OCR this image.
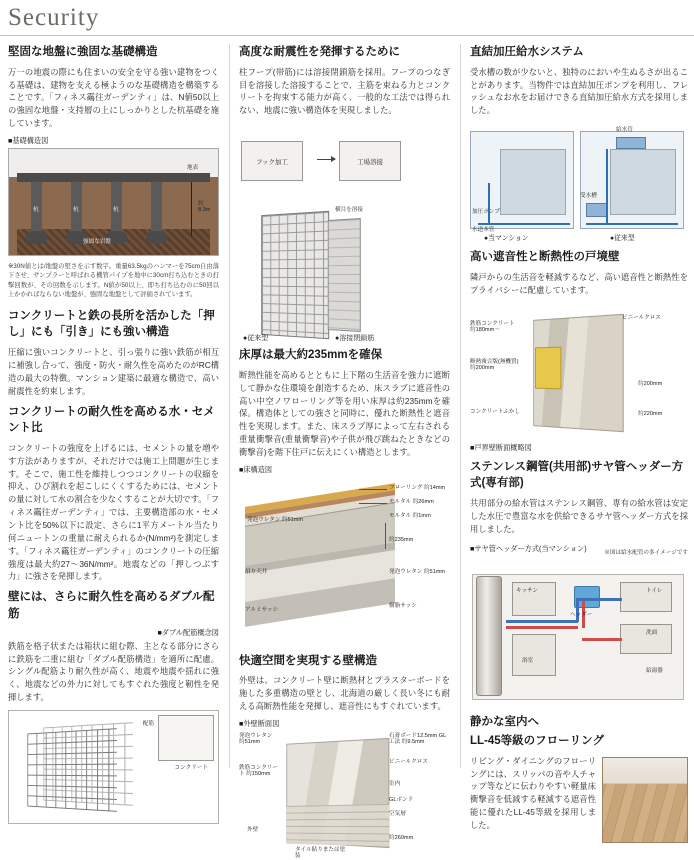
Security
堅固な地盤に強固な基礎構造

万一の地震の際にも住まいの安全を守る強い建物をつくる基礎は、建物を支える極ようのな基礎構造を構築することです。「フィネス靍往ガーデンティ」は、N値50以上の強固な地盤・支持層の上にしっかりとした杭基礎を施しています。

■基礎構造図
地表
約8.3m
杭	杭	杭
強固な岩盤

※30N値とは/地盤の堅さを示す数字。重量63.5kgのハンマーを75cm自由落下させ、サンプラーと呼ばれる機管パイプを地中に30cm打ち込むときの打撃回数が、その回数を示します。N値が50以上、即ち打ち込むのに50回以上かかればならない地盤が、強固な地盤として評価されています。

コンクリートと鉄の長所を活かした「押し」にも「引き」にも強い構造

圧縮に強いコンクリートと、引っ張りに強い鉄筋が相互に補強し合って、強度・防火・耐久性を高めたのがRC構造の最大の特徴。マンション建築に最適な構造で、高い耐震性を約束します。

コンクリートの耐久性を高める水・セメント比

コンクリートの強度を上げるには、セメントの量を増やす方法がありますが、それだけでは施工上問題が生じます。そこで、施工性を維持しつつコンクリートの収縮を抑え、ひび割れを起こしにくくするためには、セメントの量に対して水の割合を少なくすることが大切です。「フィネス靍往ガーデンティ」では、主要構造部の水・セメント比を50%以下に設定、さらに1平方メートル当たり何ニュートンの重量に耐えられるか(N/mm²)を測定します。「フィネス靍往ガーデンティ」のコンクリートの圧縮強度は最大約27〜36N/mm²。地震などの「押しつぶす力」に強さを発揮します。

壁には、さらに耐久性を高めるダブル配筋
■ダブル配筋概念図

鉄筋を格子状または箱状に組む際、主となる部分にさらに鉄筋を二重に組む「ダブル配筋構造」を適所に配慮。シングル配筋より耐久性が高く、地震や地震や揺れに強く、地震などの外力に対してもすぐれた強度と靭性を発揮します。

配筋
コンクリート
高度な耐震性を発揮するために

柱フープ(帯筋)には溶接閉鎖筋を採用。フープのつなぎ目を溶接した溶接することで、主筋を束ねる力とコンクリートを拘束する能力が高く、一般的な工法では得られない、地震に強い構造体を実現しました。

フック加工	工場溶接
横目を溶接
●従来型	●溶接閉鎖筋
床厚は最大約235mmを確保

断熱性能を高めるとともに上下階の生活音を強力に遮断して静かな住環境を創造するため、床スラブに遮音性の高い中空ノワローリング等を用い床厚は約235mmを確保。構造体としての強さと同時に、優れた断熱性と遮音性を実現します。また、床スラブ厚によって左右される重量衝撃音(重量衝撃音)や子供が飛び跳ねたときなどの衝撃音)を階下住戸に伝えにくい構造とします。

■床構造図
フローリング 約14mm
モルタル 約26mm
発泡ウレタン 約51mm
モルタル 約1mm
約235mm
吊り天井	発泡ウレタン 約51mm
アルミサッシ
樹脂サッシ
快適空間を実現する壁構造

外壁は、コンクリート壁に断熱材とプラスターボードを施した多重構造の壁とし、北海道の厳しく長い冬にも耐える高断熱性能を発揮し、遮音性にもすぐれています。

■外壁断面図
発泡ウレタン 約51mm
鉄筋コンクリート 約150mm
石膏ボード12.5mm GL工法 約9.5mm
ビニールクロス
室内
外壁
GLボンド
空気層
タイル貼りまたは塗装
約260mm
直結加圧給水システム

受水槽の数が少ないと、独特のにおいや生ぬるさが出ることがあります。当物件では直結加圧ポンプを利用し、フレッシュなお水をお届けできる直結加圧給水方式を採用しました。

受水槽
加圧ポンプ
水道本管
給水管
●当マンション	●従来型
高い遮音性と断熱性の戸境壁

隣戸からの生活音を軽減するなど、高い遮音性と断熱性をプライバシーに配慮しています。

鉄筋コンクリート 約180mm〜
ビニールクロス
断熱複合版(無機質) 約200mm
コンクリートふかし
約200mm
約220mm
■戸界壁断面概略図
ステンレス鋼管(共用部)サヤ管ヘッダー方式(専有部)

共用部分の給水管はステンレス鋼管、専有の給水管は安定した水圧で豊富な水を供給できるサヤ管ヘッダー方式を採用しました。

■サヤ管ヘッダー方式(当マンション)	※図は給水配管の多イメージです
トイレ
洗面
ヘッダー
キッチン
浴室
給湯器
静かな室内へ
LL-45等級のフローリング

リビング・ダイニングのフローリングには、スリッパの音や人チャップ等などに伝わりやすい軽量床衝撃音を低減する軽減する遮音性能に優れたLL-45等級を採用しました。
